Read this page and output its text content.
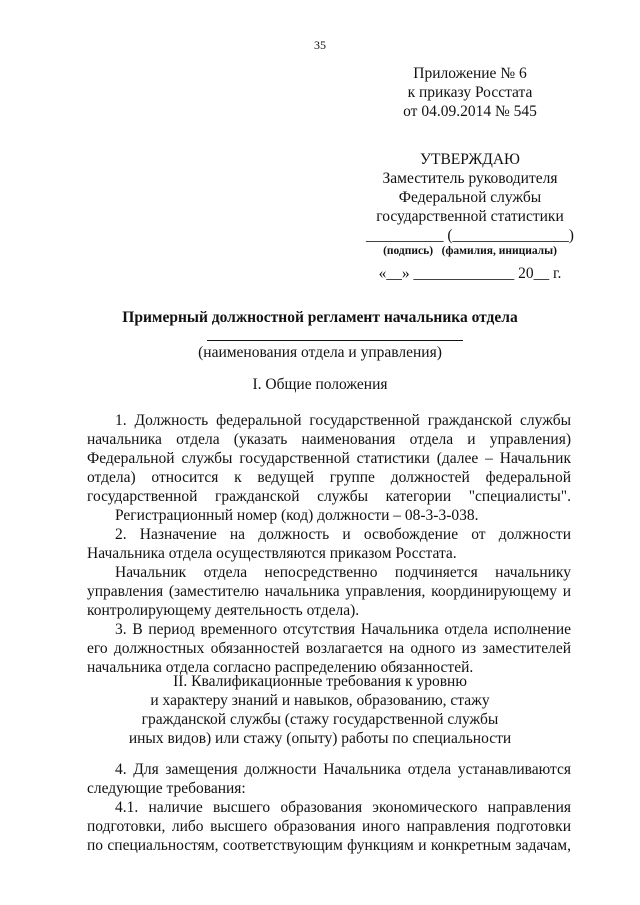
35
Приложение № 6
к приказу Росстата
от 04.09.2014 № 545
УТВЕРЖДАЮ
Заместитель руководителя
Федеральной службы
государственной статистики
__________ (_______________)
(подпись)   (фамилия, инициалы)
«__» _____________ 20__ г.
Примерный должностной регламент начальника отдела
(наименования отдела и управления)
I. Общие положения

1. Должность федеральной государственной гражданской службы начальника отдела (указать наименования отдела и управления) Федеральной службы государственной статистики (далее – Начальник отдела) относится к ведущей группе должностей федеральной государственной гражданской службы категории "специалисты".

Регистрационный номер (код) должности – 08-3-3-038.

2. Назначение на должность и освобождение от должности Начальника отдела осуществляются приказом Росстата.

Начальник отдела непосредственно подчиняется начальнику управления (заместителю начальника управления, координирующему и контролирующему деятельность отдела).

3. В период временного отсутствия Начальника отдела исполнение его должностных обязанностей возлагается на одного из заместителей начальника отдела согласно распределению обязанностей.

II. Квалификационные требования к уровню
и характеру знаний и навыков, образованию, стажу
гражданской службы (стажу государственной службы
иных видов) или стажу (опыту) работы по специальности

4. Для замещения должности Начальника отдела устанавливаются следующие требования:

4.1. наличие высшего образования экономического направления подготовки, либо высшего образования иного направления подготовки по специальностям, соответствующим функциям и конкретным задачам,
